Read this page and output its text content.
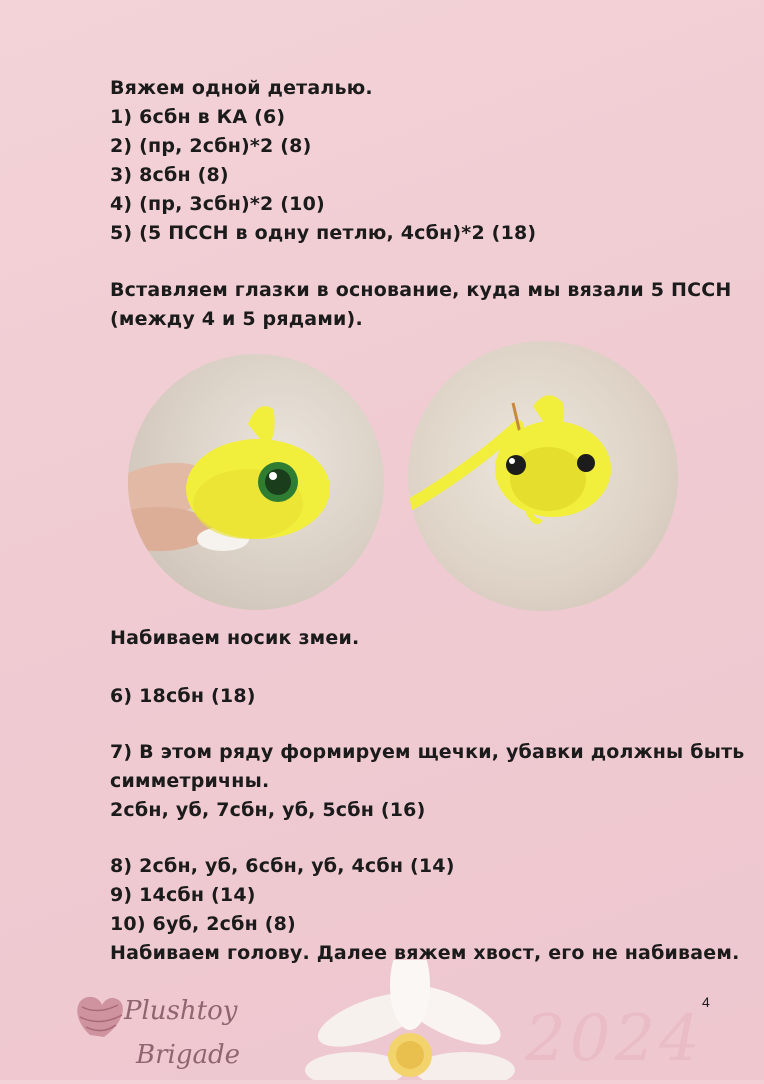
Вяжем одной деталью.
1) 6сбн в КА (6)
2) (пр, 2сбн)*2 (8)
3) 8сбн (8)
4) (пр, 3сбн)*2 (10)
5) (5 ПССН в одну петлю, 4сбн)*2 (18)
Вставляем глазки в основание, куда мы вязали 5 ПССН
(между 4 и 5 рядами).
Набиваем носик змеи.
6) 18сбн (18)
7) В этом ряду формируем щечки, убавки должны быть
симметричны.
2сбн, уб, 7сбн, уб, 5сбн (16)
8) 2сбн, уб, 6сбн, уб, 4сбн (14)
9) 14сбн (14)
10) 6уб, 2сбн (8)
Набиваем голову. Далее вяжем хвост, его не набиваем.
4
Plushtoy
Brigade	2024
